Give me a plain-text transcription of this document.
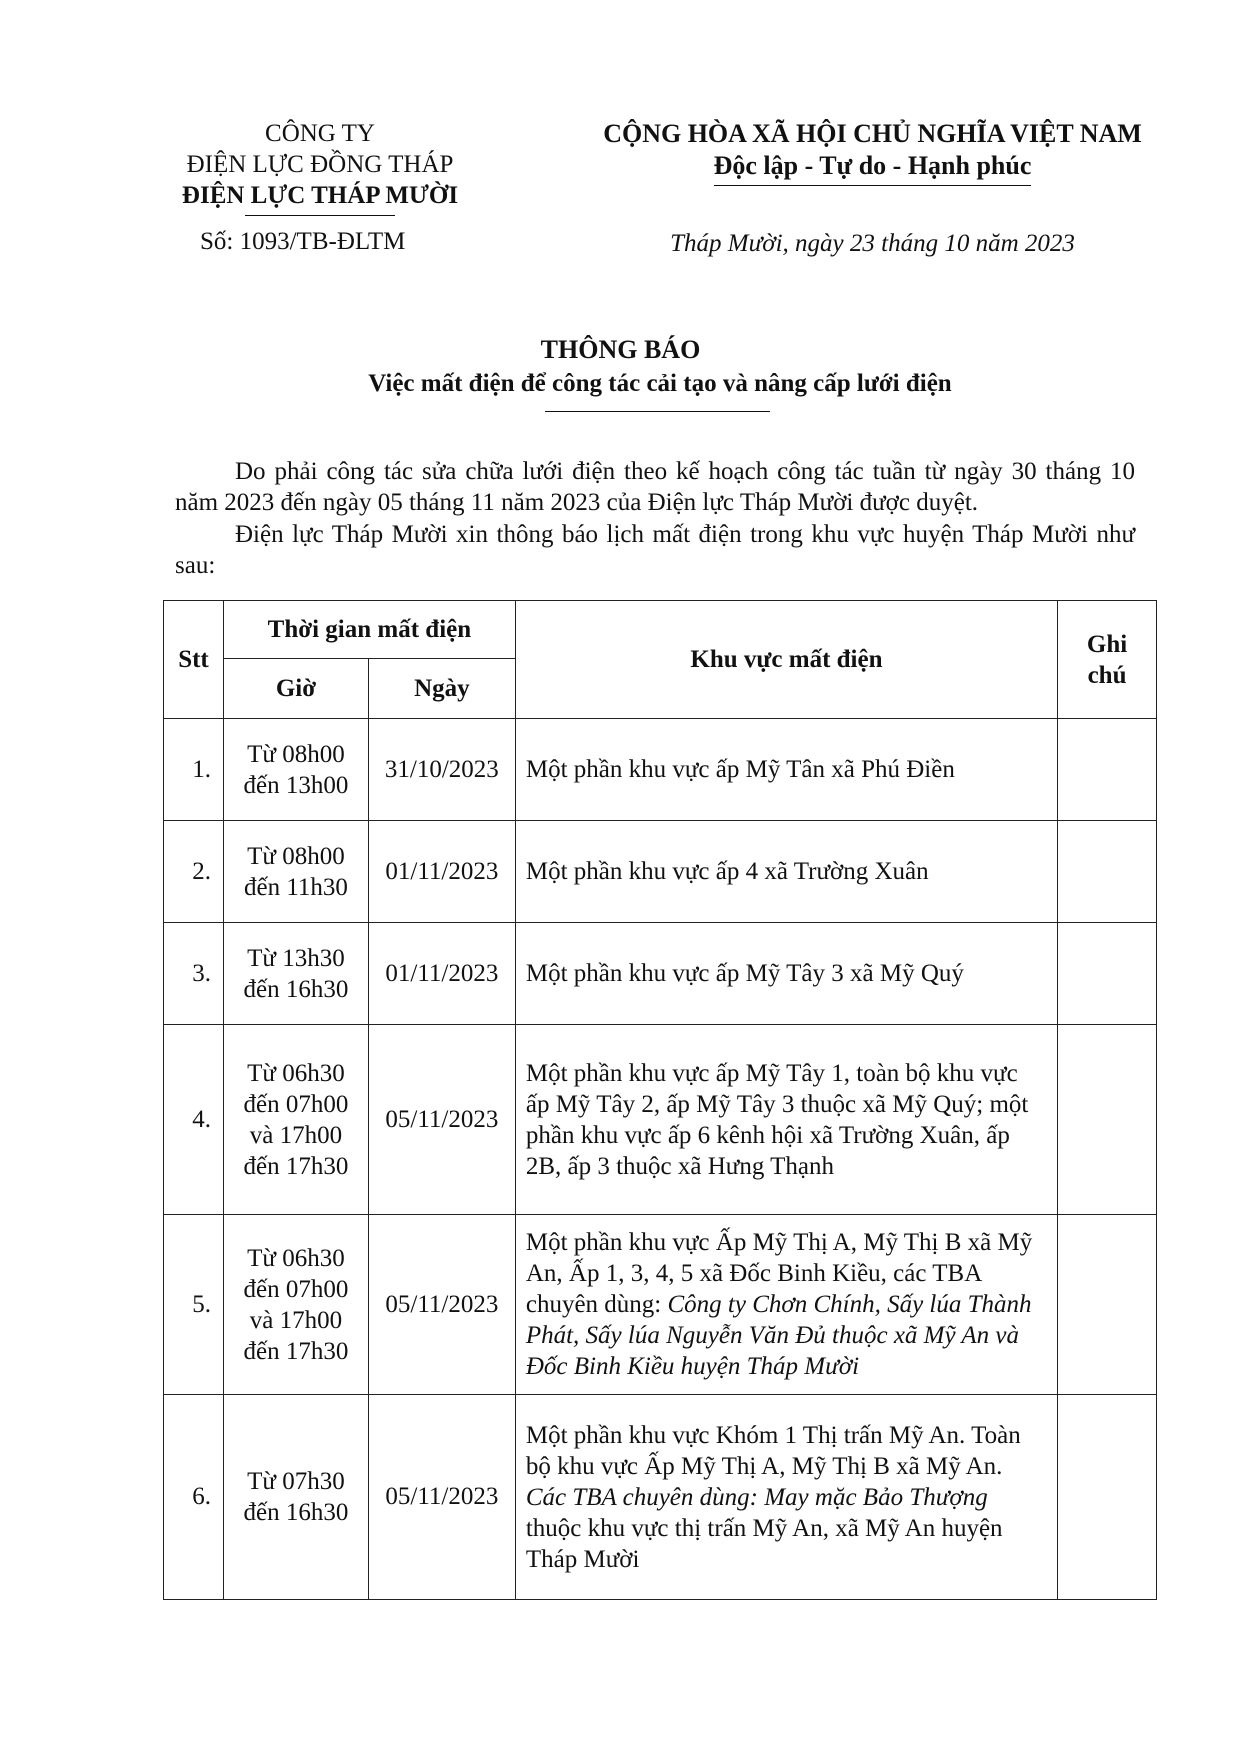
CÔNG TY
ĐIỆN LỰC ĐỒNG THÁP
ĐIỆN LỰC THÁP MƯỜI
Số: 1093/TB-ĐLTM
CỘNG HÒA XÃ HỘI CHỦ NGHĨA VIỆT NAM
Độc lập - Tự do - Hạnh phúc
Tháp Mười, ngày 23 tháng 10 năm 2023
THÔNG BÁO
Việc mất điện để công tác cải tạo và nâng cấp lưới điện
Do phải công tác sửa chữa lưới điện theo kế hoạch công tác tuần từ ngày 30 tháng 10 năm 2023 đến ngày 05 tháng 11 năm 2023 của Điện lực Tháp Mười được duyệt.
Điện lực Tháp Mười xin thông báo lịch mất điện trong khu vực huyện Tháp Mười như sau:
Stt	Thời gian mất điện		Khu vực mất điện	Ghi chú
	Giờ	Ngày		
1.	Từ 08h00 đến 13h00	31/10/2023	Một phần khu vực ấp Mỹ Tân xã Phú Điền	
2.	Từ 08h00 đến 11h30	01/11/2023	Một phần khu vực ấp 4 xã Trường Xuân	
3.	Từ 13h30 đến 16h30	01/11/2023	Một phần khu vực ấp Mỹ Tây 3 xã Mỹ Quý	
4.	Từ 06h30 đến 07h00 và 17h00 đến 17h30	05/11/2023	Một phần khu vực ấp Mỹ Tây 1, toàn bộ khu vực ấp Mỹ Tây 2, ấp Mỹ Tây 3 thuộc xã Mỹ Quý; một phần khu vực ấp 6 kênh hội xã Trường Xuân, ấp 2B, ấp 3 thuộc xã Hưng Thạnh	
5.	Từ 06h30 đến 07h00 và 17h00 đến 17h30	05/11/2023	Một phần khu vực Ấp Mỹ Thị A, Mỹ Thị B xã Mỹ An, Ấp 1, 3, 4, 5 xã Đốc Binh Kiều, các TBA chuyên dùng: Công ty Chơn Chính, Sấy lúa Thành Phát, Sấy lúa Nguyễn Văn Đủ thuộc xã Mỹ An và Đốc Binh Kiều huyện Tháp Mười	
6.	Từ 07h30 đến 16h30	05/11/2023	Một phần khu vực Khóm 1 Thị trấn Mỹ An. Toàn bộ khu vực Ấp Mỹ Thị A, Mỹ Thị B xã Mỹ An. Các TBA chuyên dùng: May mặc Bảo Thượng thuộc khu vực thị trấn Mỹ An, xã Mỹ An huyện Tháp Mười	
